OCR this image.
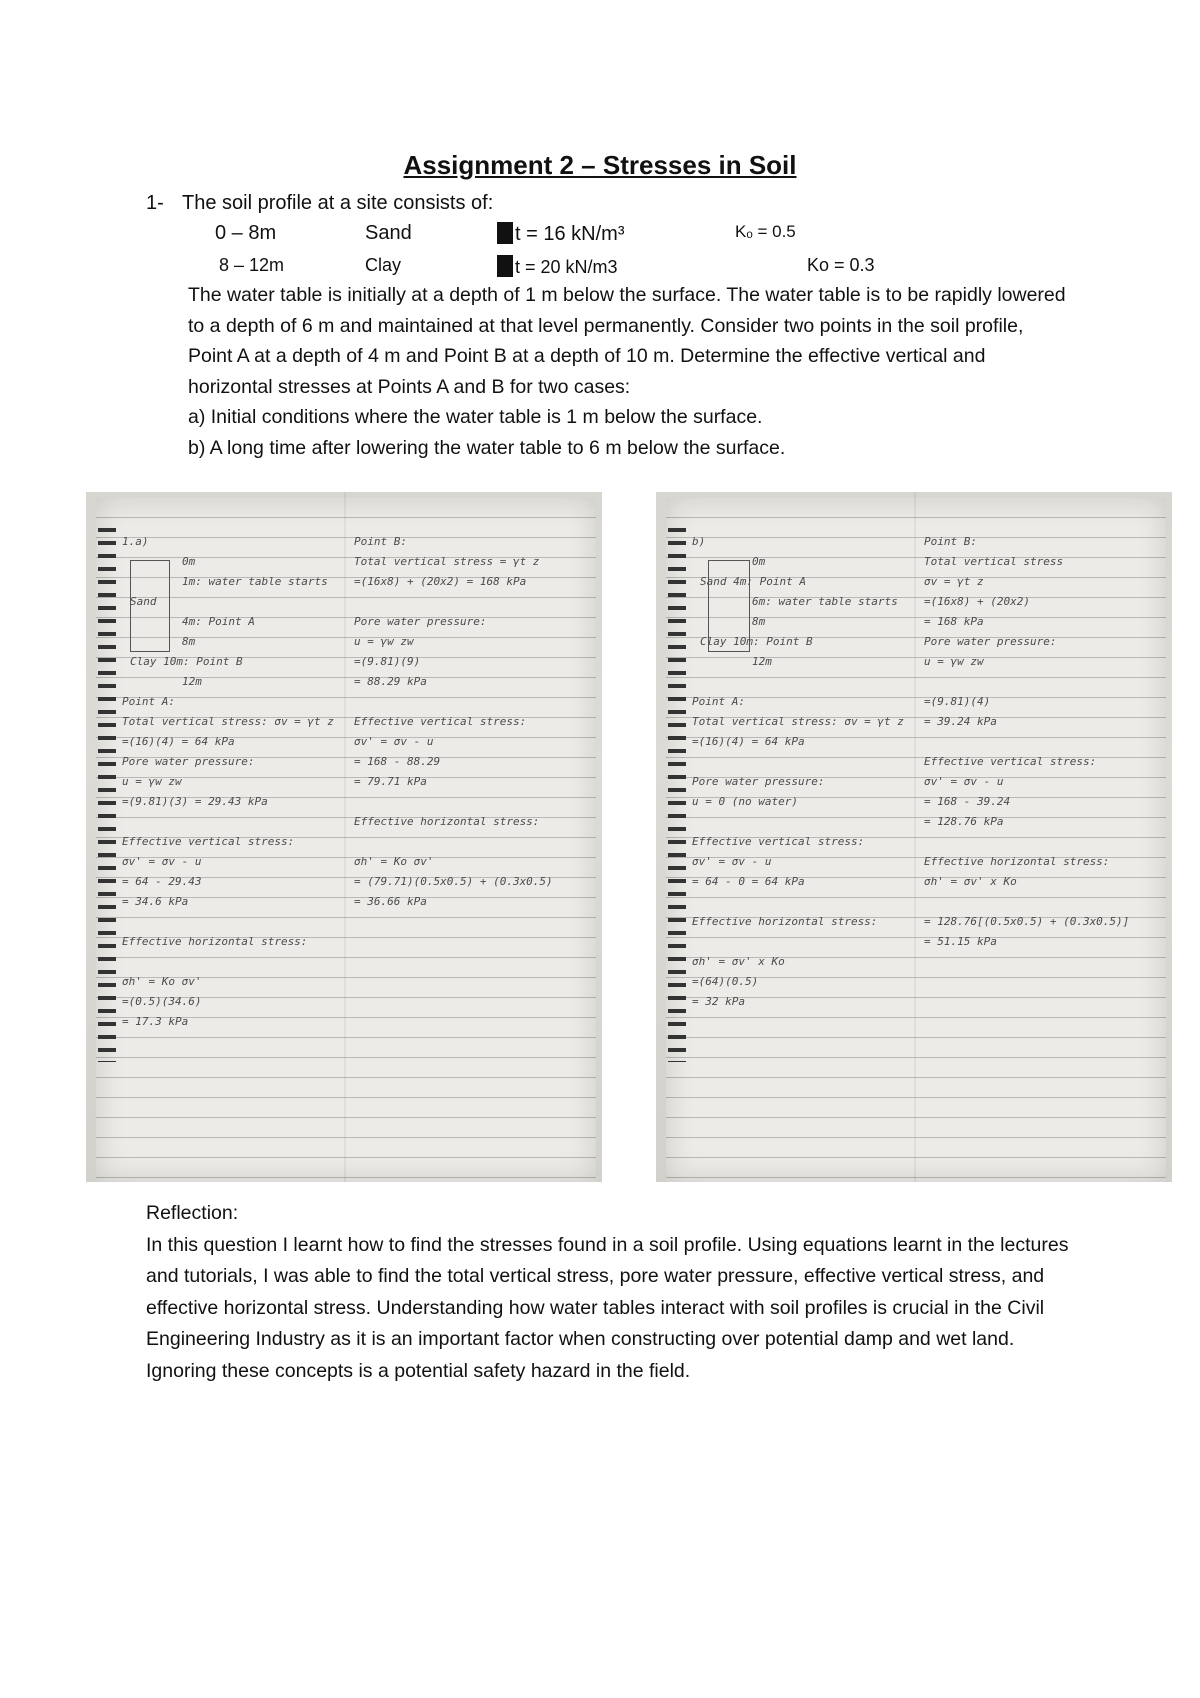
Assignment 2 – Stresses in Soil
1- The soil profile at a site consists of:
0 – 8m	Sand	t = 16 kN/m³	Kₒ = 0.5
8 – 12m	Clay	t = 20 kN/m3	Ko = 0.3

The water table is initially at a depth of 1 m below the surface. The water table is to be rapidly lowered to a depth of 6 m and maintained at that level permanently. Consider two points in the soil profile, Point A at a depth of 4 m and Point B at a depth of 10 m. Determine the effective vertical and horizontal stresses at Points A and B for two cases:

a) Initial conditions where the water table is 1 m below the surface.

b) A long time after lowering the water table to 6 m below the surface.

1.a)
0m
1m: water table starts
Sand
4m: Point A
8m
Clay 10m: Point B
12m
Point A:
Total vertical stress: σv = γt z
=(16)(4) = 64 kPa
Pore water pressure:
u = γw zw
=(9.81)(3) = 29.43 kPa
Effective vertical stress:
σv' = σv - u
= 64 - 29.43
= 34.6 kPa
Effective horizontal stress:
σh' = Ko σv'
=(0.5)(34.6)
= 17.3 kPa
Point B:
Total vertical stress = γt z
=(16x8) + (20x2) = 168 kPa
Pore water pressure:
u = γw zw
=(9.81)(9)
= 88.29 kPa
Effective vertical stress:
σv' = σv - u
= 168 - 88.29
= 79.71 kPa
Effective horizontal stress:
σh' = Ko σv'
= (79.71)(0.5x0.5) + (0.3x0.5)
= 36.66 kPa
b)
0m
Sand 4m: Point A
6m: water table starts
8m
Clay 10m: Point B
12m
Point A:
Total vertical stress: σv = γt z
=(16)(4) = 64 kPa
Pore water pressure:
u = 0 (no water)
Effective vertical stress:
σv' = σv - u
= 64 - 0 = 64 kPa
Effective horizontal stress:
σh' = σv' x Ko
=(64)(0.5)
= 32 kPa
Point B:
Total vertical stress
σv = γt z
=(16x8) + (20x2)
= 168 kPa
Pore water pressure:
u = γw zw
=(9.81)(4)
= 39.24 kPa
Effective vertical stress:
σv' = σv - u
= 168 - 39.24
= 128.76 kPa
Effective horizontal stress:
σh' = σv' x Ko
= 128.76[(0.5x0.5) + (0.3x0.5)]
= 51.15 kPa

Reflection:

In this question I learnt how to find the stresses found in a soil profile. Using equations learnt in the lectures and tutorials, I was able to find the total vertical stress, pore water pressure, effective vertical stress, and effective horizontal stress. Understanding how water tables interact with soil profiles is crucial in the Civil Engineering Industry as it is an important factor when constructing over potential damp and wet land. Ignoring these concepts is a potential safety hazard in the field.
